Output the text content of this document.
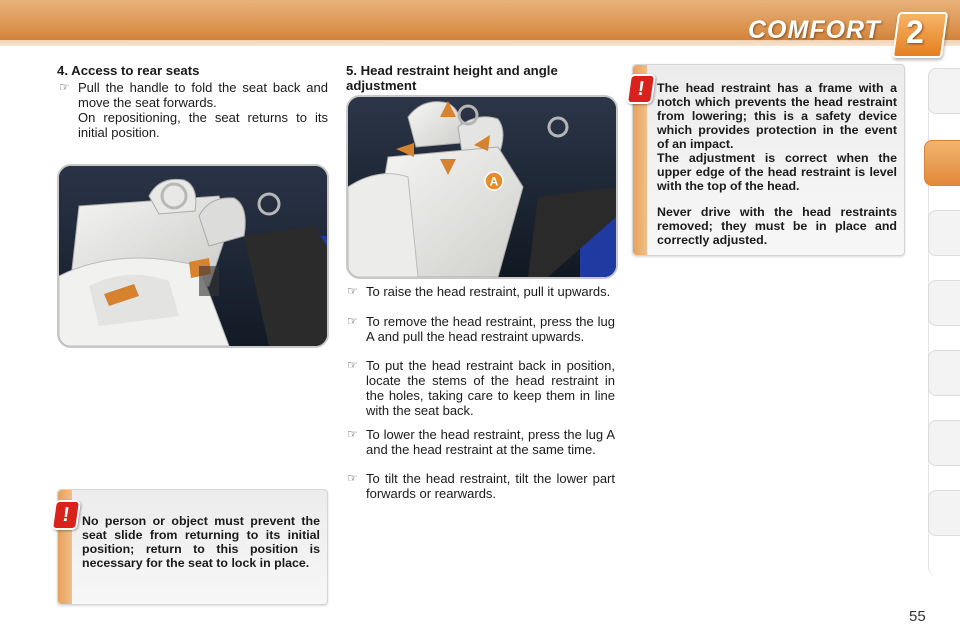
COMFORT 2
4. Access to rear seats
☞ Pull the handle to fold the seat back and move the seat forwards.

On repositioning, the seat returns to its initial position.

5. Head restraint height and angle adjustment
A
☞ To raise the head restraint, pull it upwards.

☞ To remove the head restraint, press the lug A and pull the head restraint upwards.

☞ To put the head restraint back in position, locate the stems of the head restraint in the holes, taking care to keep them in line with the seat back.

☞ To lower the head restraint, press the lug A and the head restraint at the same time.

☞ To tilt the head restraint, tilt the lower part forwards or rearwards.

The head restraint has a frame with a notch which prevents the head restraint from lowering; this is a safety device which provides protection in the event of an impact.

The adjustment is correct when the upper edge of the head restraint is level with the top of the head.

Never drive with the head restraints removed; they must be in place and correctly adjusted.

!

No person or object must prevent the seat slide from returning to its initial position; return to this position is necessary for the seat to lock in place.

!
55
